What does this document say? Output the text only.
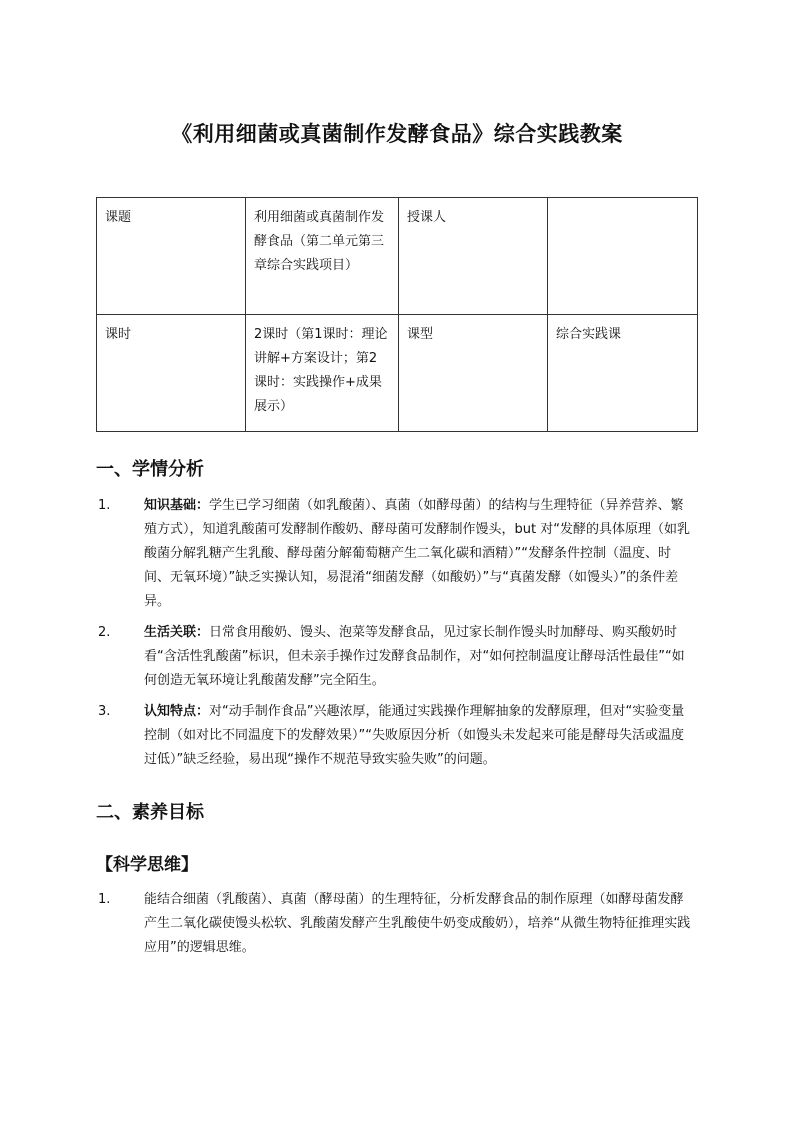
《利用细菌或真菌制作发酵食品》综合实践教案
课题	利用细菌或真菌制作发酵食品（第二单元第三章综合实践项目）	授课人	
课时	2课时（第1课时：理论讲解+方案设计；第2课时：实践操作+成果展示）	课型	综合实践课
一、学情分析
1.	知识基础：学生已学习细菌（如乳酸菌）、真菌（如酵母菌）的结构与生理特征（异养营养、繁殖方式），知道乳酸菌可发酵制作酸奶、酵母菌可发酵制作馒头，but 对“发酵的具体原理（如乳酸菌分解乳糖产生乳酸、酵母菌分解葡萄糖产生二氧化碳和酒精）”“发酵条件控制（温度、时间、无氧环境）”缺乏实操认知，易混淆“细菌发酵（如酸奶）”与“真菌发酵（如馒头）”的条件差异。
2.	生活关联：日常食用酸奶、馒头、泡菜等发酵食品，见过家长制作馒头时加酵母、购买酸奶时看“含活性乳酸菌”标识，但未亲手操作过发酵食品制作，对“如何控制温度让酵母活性最佳”“如何创造无氧环境让乳酸菌发酵”完全陌生。
3.	认知特点：对“动手制作食品”兴趣浓厚，能通过实践操作理解抽象的发酵原理，但对“实验变量控制（如对比不同温度下的发酵效果）”“失败原因分析（如馒头未发起来可能是酵母失活或温度过低）”缺乏经验，易出现“操作不规范导致实验失败”的问题。
二、素养目标
【科学思维】
1.	能结合细菌（乳酸菌）、真菌（酵母菌）的生理特征，分析发酵食品的制作原理（如酵母菌发酵产生二氧化碳使馒头松软、乳酸菌发酵产生乳酸使牛奶变成酸奶），培养“从微生物特征推理实践应用”的逻辑思维。
